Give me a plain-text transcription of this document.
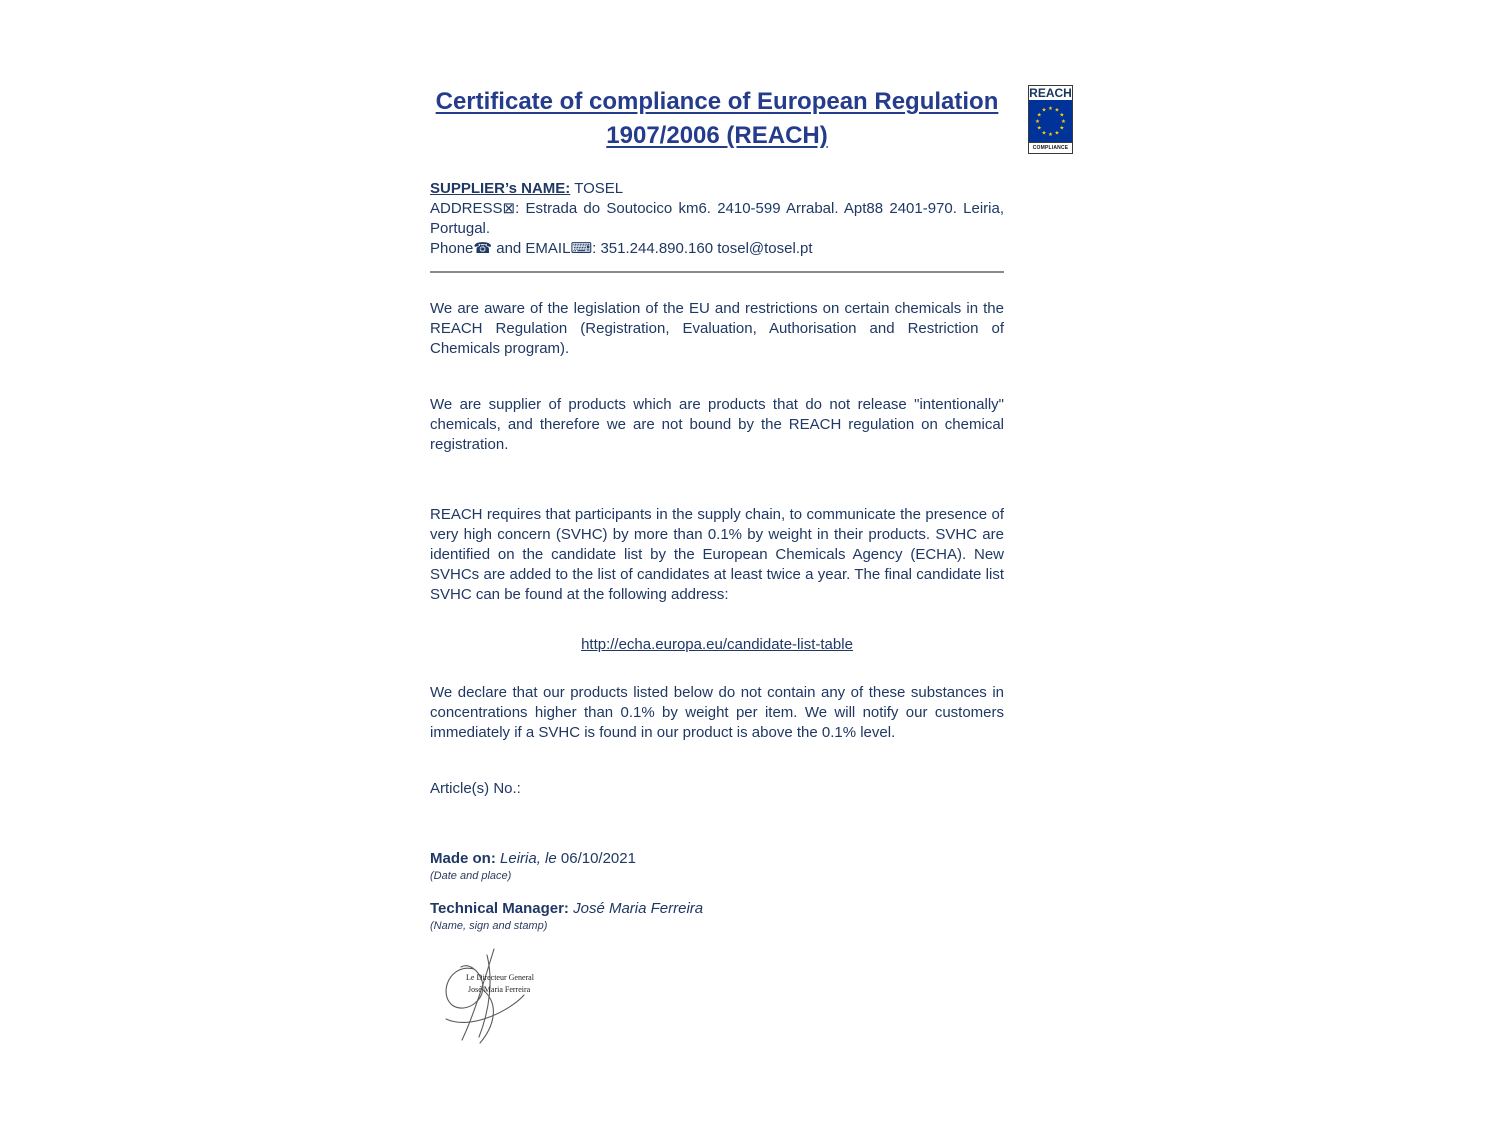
REACH
★ ★
★
★
★
★
★
★
★
★
★
★
COMPLIANCE
Certificate of compliance of European Regulation
1907/2006 (REACH)

SUPPLIER’s NAME: TOSEL

ADDRESS⊠: Estrada do Soutocico km6. 2410-599 Arrabal. Apt88 2401-970. Leiria, Portugal.

Phone☎ and EMAIL⌨: 351.244.890.160 tosel@tosel.pt

We are aware of the legislation of the EU and restrictions on certain chemicals in the REACH Regulation (Registration, Evaluation, Authorisation and Restriction of Chemicals program).

We are supplier of products which are products that do not release "intentionally" chemicals, and therefore we are not bound by the REACH regulation on chemical registration.

REACH requires that participants in the supply chain, to communicate the presence of very high concern (SVHC) by more than 0.1% by weight in their products. SVHC are identified on the candidate list by the European Chemicals Agency (ECHA). New SVHCs are added to the list of candidates at least twice a year. The final candidate list SVHC can be found at the following address:

http://echa.europa.eu/candidate-list-table

We declare that our products listed below do not contain any of these substances in concentrations higher than 0.1% by weight per item. We will notify our customers immediately if a SVHC is found in our product is above the 0.1% level.

Article(s) No.:

Made on: Leiria, le 06/10/2021

(Date and place)

Technical Manager: José Maria Ferreira

(Name, sign and stamp)

Le Directeur General
José Maria Ferreira
